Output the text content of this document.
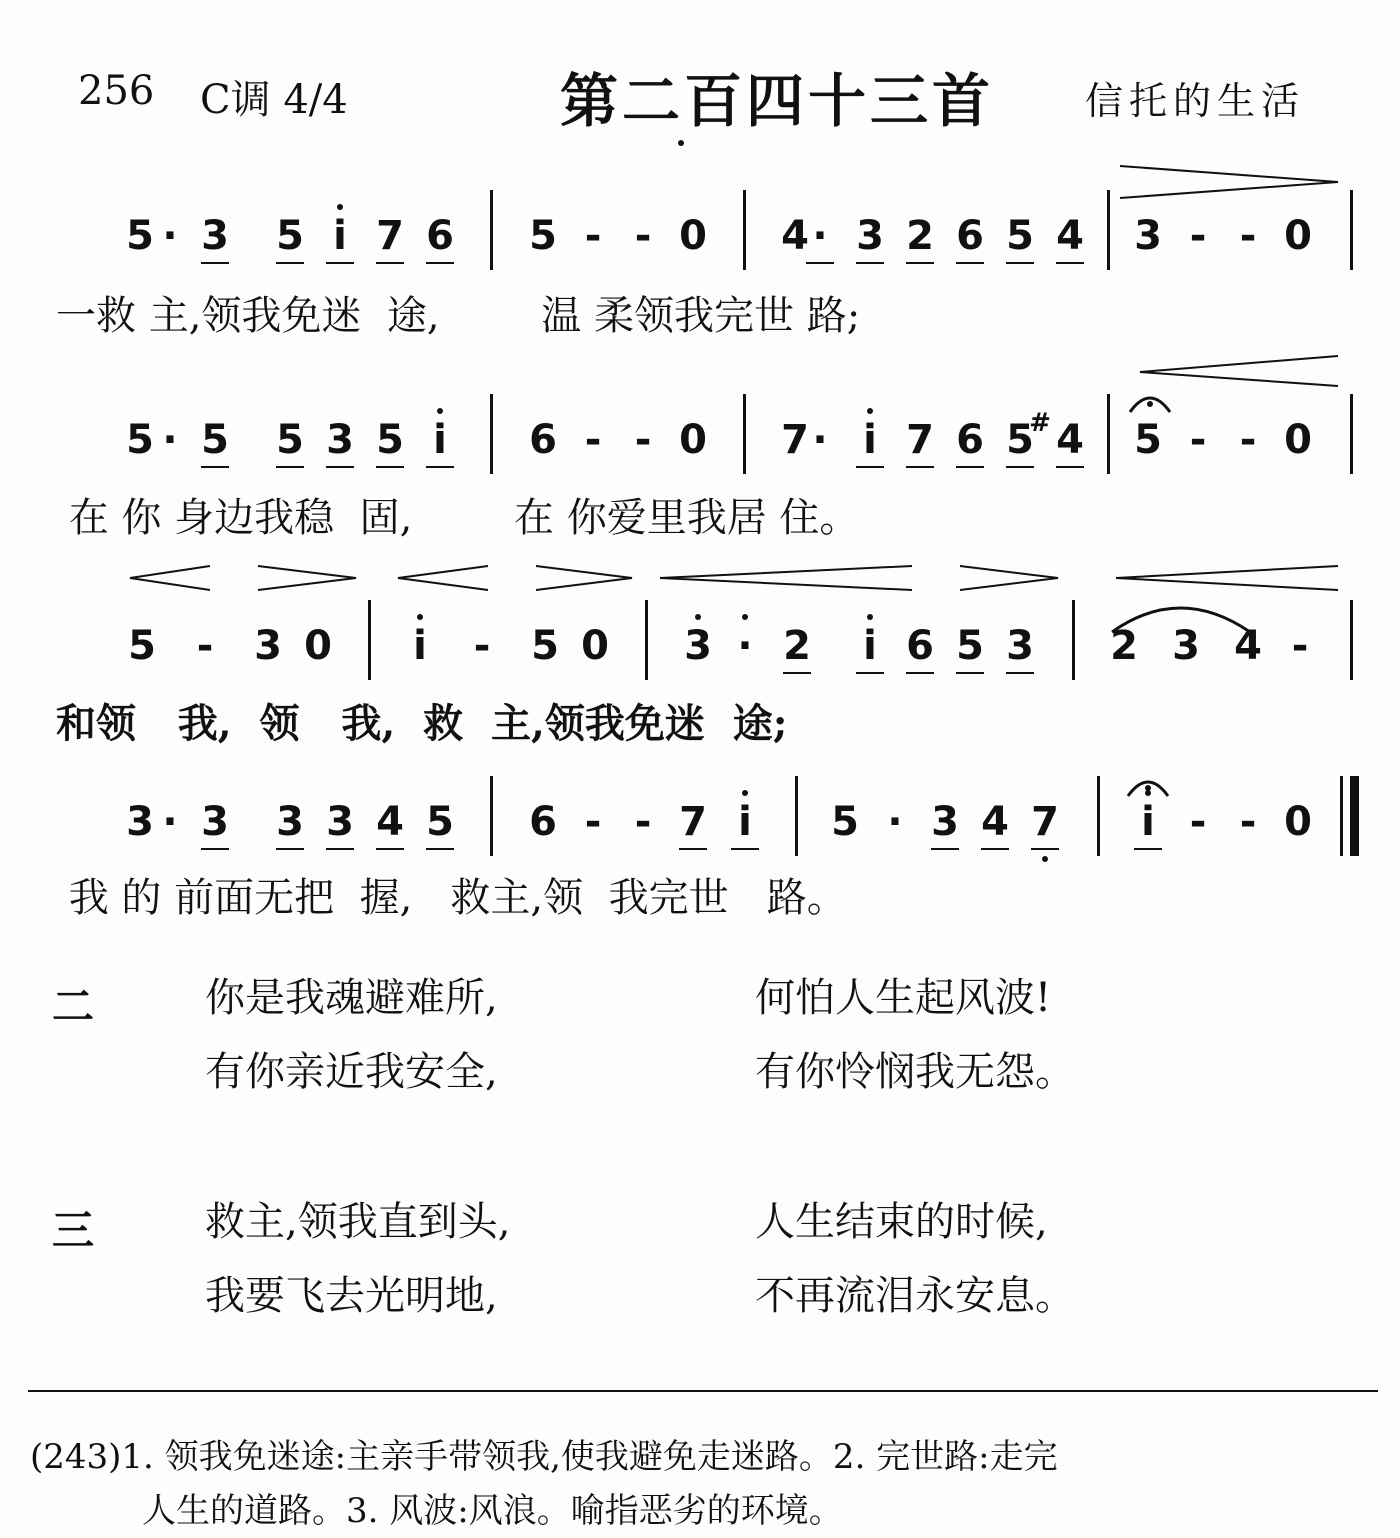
256 C调 4/4	第二百四十三首 信托的生活
5 · 3 5 i 7 6 5 - - 0 4 · 3 2 6 5 4 3 - - 0
5 · 5 5 3 5 i 6 - - 0 7 · i 7 6 5
# 4 5 - - 0
5 - 3 0 i - 5 0 3 · 2 i 6 5 3 2 3 4 -
3 · 3 3 3 4 5 6 - - 7 i 5 · 3 4 7 i - - 0
一救 主,领我免迷  途,        温 柔领我完世 路;
在 你 身边我稳  固,        在 你爱里我居 住。
和领   我,  领   我,  救  主,领我免迷  途;
我 的 前面无把  握,   救主,领  我完世   路。
二	你是我魂避难所,	何怕人生起风波!
有你亲近我安全,	有你怜悯我无怨。
三	救主,领我直到头,	人生结束的时候,
我要飞去光明地,	不再流泪永安息。
(243)1. 领我免迷途:主亲手带领我,使我避免走迷路。2. 完世路:走完
人生的道路。3. 风波:风浪。喻指恶劣的环境。
